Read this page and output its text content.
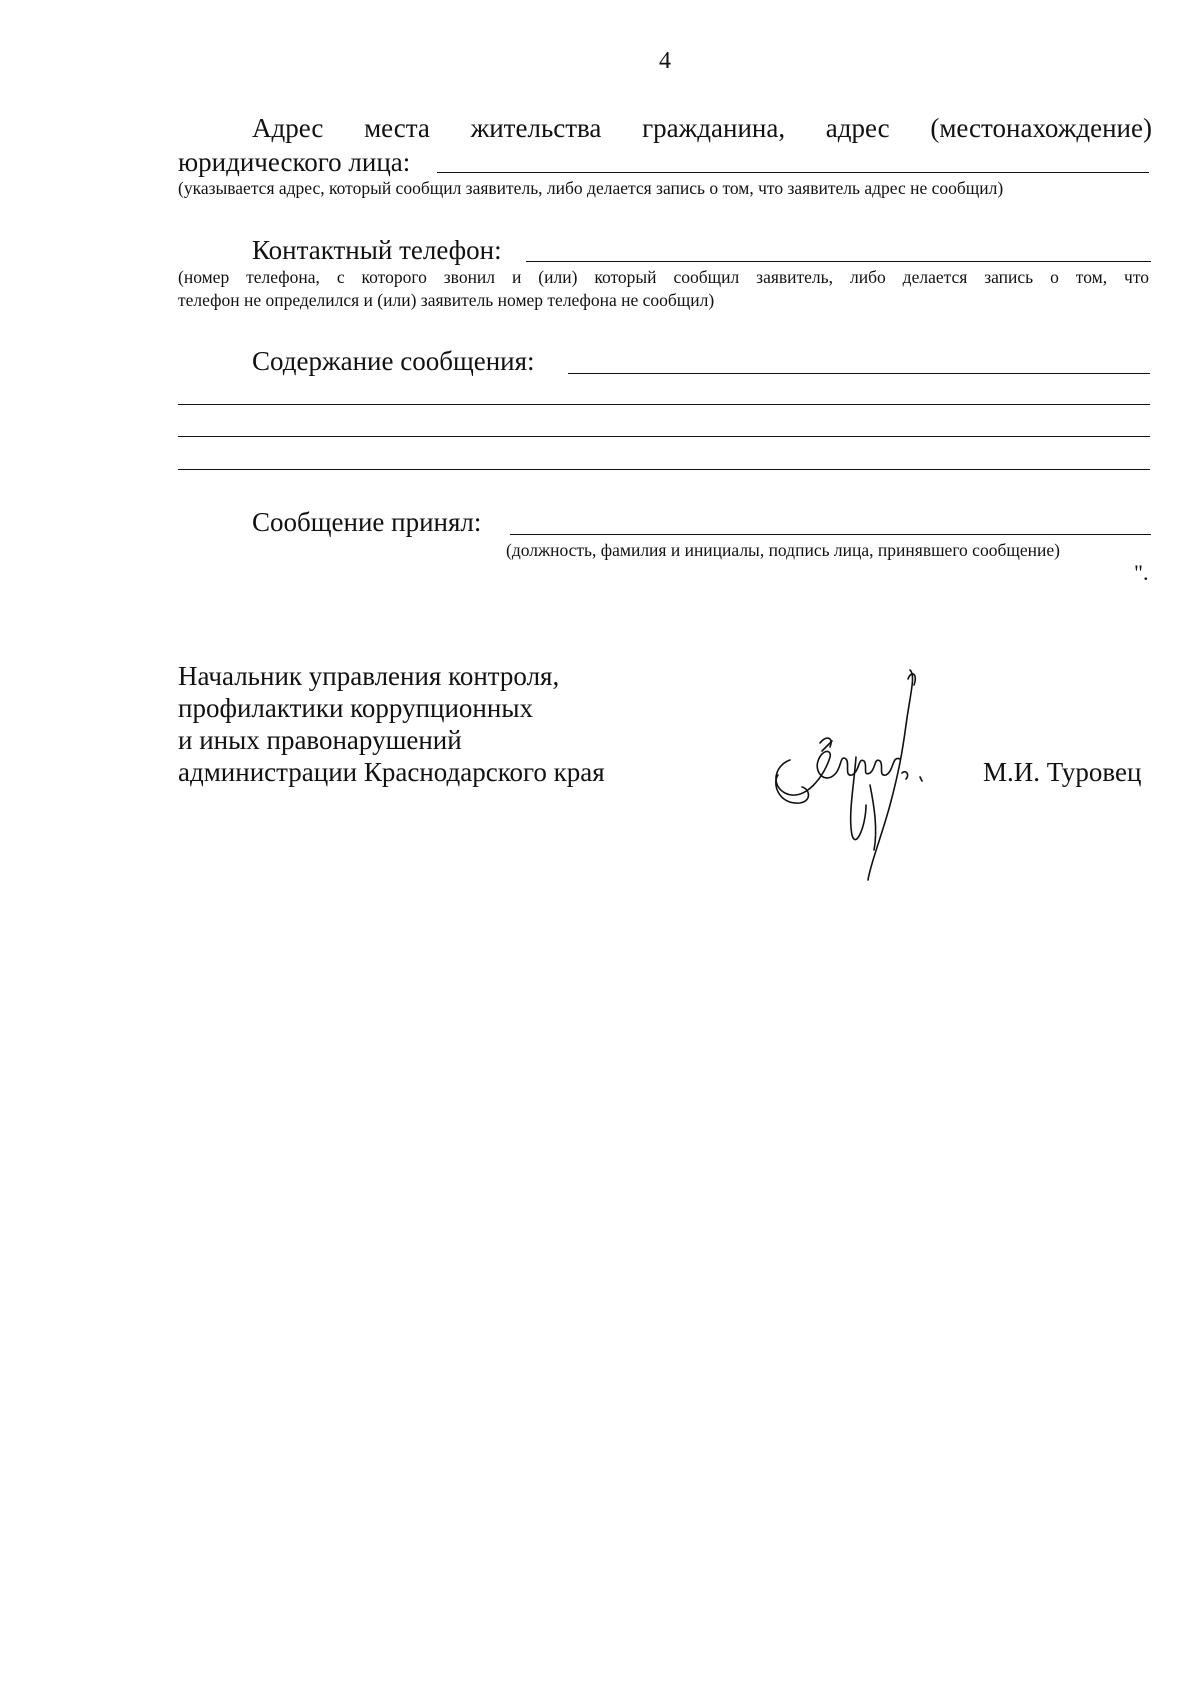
4
Адрес места жительства гражданина, адрес (местонахождение)
юридического лица:
(указывается адрес, который сообщил заявитель, либо делается запись о том, что заявитель адрес не сообщил)
Контактный телефон:
(номер телефона, с которого звонил и (или) который сообщил заявитель, либо делается запись о том, что
телефон не определился и (или) заявитель номер телефона не сообщил)
Содержание сообщения:
Сообщение принял:
(должность, фамилия и инициалы, подпись лица, принявшего сообщение)
".
Начальник управления контроля,
профилактики коррупционных
и иных правонарушений
администрации Краснодарского края	М.И. Туровец
